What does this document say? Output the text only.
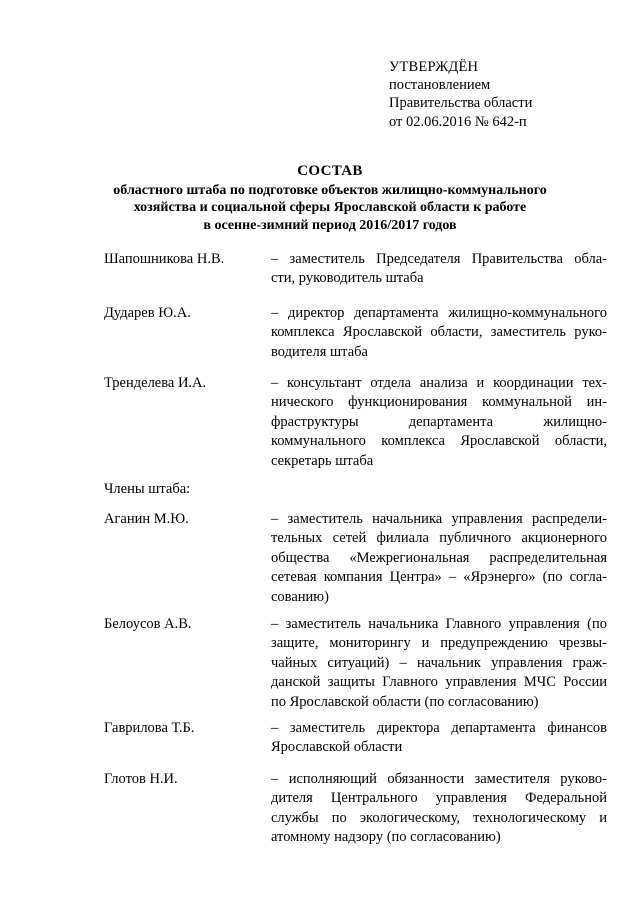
УТВЕРЖДЁН
постановлением
Правительства области
от 02.06.2016 № 642-п
СОСТАВ
областного штаба по подготовке объектов жилищно-коммунального
хозяйства и социальной сферы Ярославской области к работе
в осенне-зимний период 2016/2017 годов
Шапошникова Н.В.	– заместитель Председателя Правительства обла-
сти, руководитель штаба
Дударев Ю.А.	– директор департамента жилищно-коммунального
комплекса Ярославской области, заместитель руко-
водителя штаба
Тренделева И.А.	– консультант отдела анализа и координации тех-
нического функционирования коммунальной ин-
фраструктуры департамента жилищно-
коммунального комплекса Ярославской области,
секретарь штаба
Члены штаба:
Аганин М.Ю.	– заместитель начальника управления распредели-
тельных сетей филиала публичного акционерного
общества «Межрегиональная распределительная
сетевая компания Центра» – «Ярэнерго» (по согла-
сованию)
Белоусов А.В.	– заместитель начальника Главного управления (по
защите, мониторингу и предупреждению чрезвы-
чайных ситуаций) – начальник управления граж-
данской защиты Главного управления МЧС России
по Ярославской области (по согласованию)
Гаврилова Т.Б.	– заместитель директора департамента финансов
Ярославской области
Глотов Н.И.	– исполняющий обязанности заместителя руково-
дителя Центрального управления Федеральной
службы по экологическому, технологическому и
атомному надзору (по согласованию)
